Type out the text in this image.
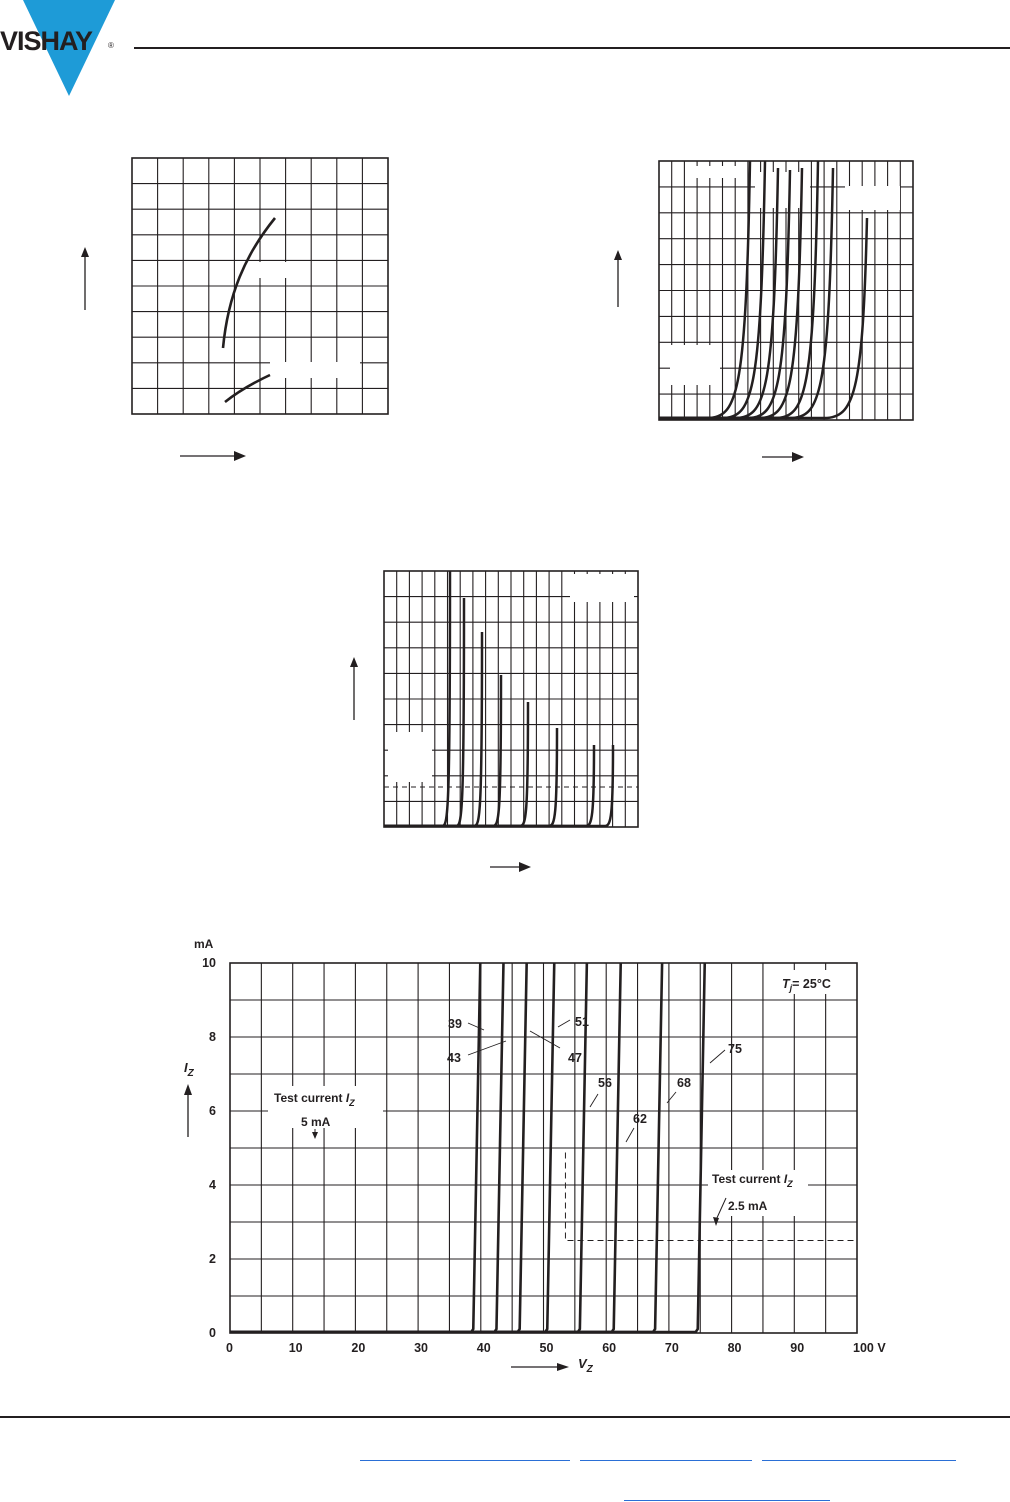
VISHAY ®
0	10	20	30	40	50	60	70	80	90	100 V
0
2
4
6
8
10
39
43	47
51
56
62
68
75
mA
$I_Z$
$V_Z$
$T_j= 25^\circ C$
Test current $I_Z$
5 mA
Test current $I_Z$
2.5 mA
